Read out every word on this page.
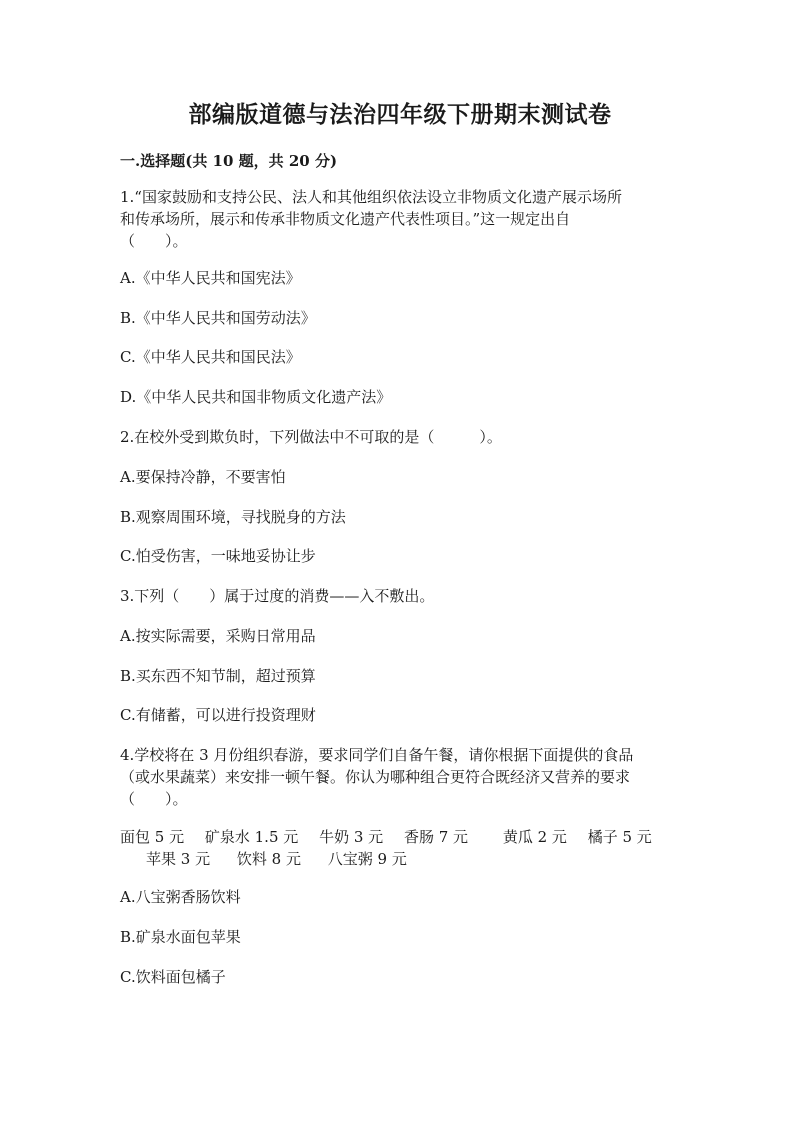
部编版道德与法治四年级下册期末测试卷
一.选择题(共 10 题，共 20 分)
1.“国家鼓励和支持公民、法人和其他组织依法设立非物质文化遗产展示场所
和传承场所，展示和传承非物质文化遗产代表性项目。”这一规定出自
（　　）。
A.《中华人民共和国宪法》
B.《中华人民共和国劳动法》
C.《中华人民共和国民法》
D.《中华人民共和国非物质文化遗产法》
2.在校外受到欺负时，下列做法中不可取的是（　　　）。
A.要保持冷静，不要害怕
B.观察周围环境，寻找脱身的方法
C.怕受伤害，一味地妥协让步
3.下列（　　）属于过度的消费——入不敷出。
A.按实际需要，采购日常用品
B.买东西不知节制，超过预算
C.有储蓄，可以进行投资理财
4.学校将在 3 月份组织春游，要求同学们自备午餐，请你根据下面提供的食品
（或水果蔬菜）来安排一顿午餐。你认为哪种组合更符合既经济又营养的要求
（　　）。
面包 5 元 矿泉水 1.5 元 牛奶 3 元 香肠 7 元 黄瓜 2 元 橘子 5 元
苹果 3 元 饮料 8 元 八宝粥 9 元
A.八宝粥香肠饮料
B.矿泉水面包苹果
C.饮料面包橘子
